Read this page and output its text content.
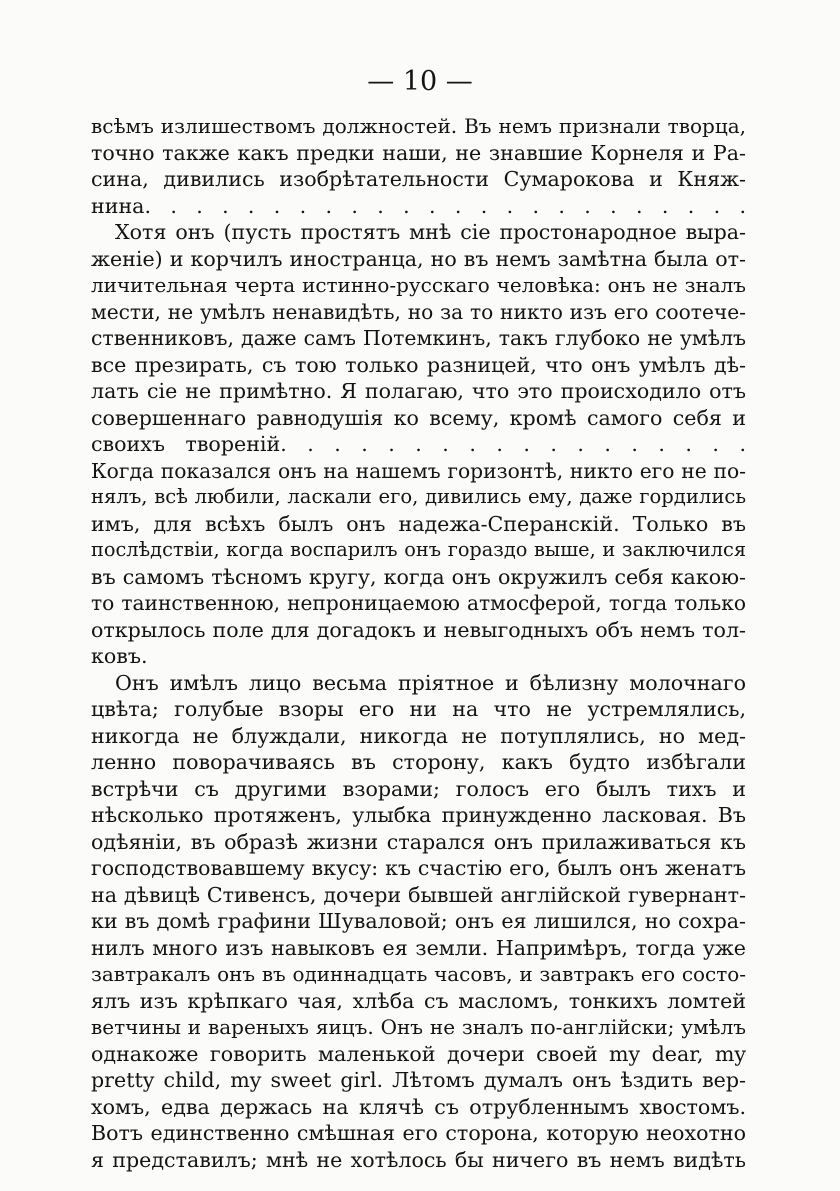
— 10 —
всѣмъ излишествомъ должностей. Въ немъ признали творца,
точно также какъ предки наши, не знавшие Корнеля и Ра-
сина, дивились изобрѣтательности Сумарокова и Княж-
нина. . . . . . . . . . . . . . . . . . . . . . . .
Хотя онъ (пусть простятъ мнѣ сіе простонародное выра-
женіе) и корчилъ иностранца, но въ немъ замѣтна была от-
личительная черта истинно-русскаго человѣка: онъ не зналъ
мести, не умѣлъ ненавидѣть, но за то никто изъ его соотече-
ственниковъ, даже самъ Потемкинъ, такъ глубоко не умѣлъ
все презирать, съ тою только разницей, что онъ умѣлъ дѣ-
лать сіе не примѣтно. Я полагаю, что это происходило отъ
совершеннаго равнодушія ко всему, кромѣ самого себя и
своихъ твореній. . . . . . . . . . . . . . . . . .
Когда показался онъ на нашемъ горизонтѣ, никто его не по-
нялъ, всѣ любили, ласкали его, дивились ему, даже гордились
имъ, для всѣхъ былъ онъ надежа-Сперанскій. Только въ
послѣдствіи, когда воспарилъ онъ гораздо выше, и заключился
въ самомъ тѣсномъ кругу, когда онъ окружилъ себя какою-
то таинственною, непроницаемою атмосферой, тогда только
открылось поле для догадокъ и невыгодныхъ объ немъ тол-
ковъ.
Онъ имѣлъ лицо весьма пріятное и бѣлизну молочнаго
цвѣта; голубые взоры его ни на что не устремлялись,
никогда не блуждали, никогда не потуплялись, но мед-
ленно поворачиваясь въ сторону, какъ будто избѣгали
встрѣчи съ другими взорами; голосъ его былъ тихъ и
нѣсколько протяженъ, улыбка принужденно ласковая. Въ
одѣяніи, въ образѣ жизни старался онъ прилаживаться къ
господствовавшему вкусу: къ счастію его, былъ онъ женатъ
на дѣвицѣ Стивенсъ, дочери бывшей англійской гувернант-
ки въ домѣ графини Шуваловой; онъ ея лишился, но сохра-
нилъ много изъ навыковъ ея земли. Напримѣръ, тогда уже
завтракалъ онъ въ одиннадцать часовъ, и завтракъ его состо-
ялъ изъ крѣпкаго чая, хлѣба съ масломъ, тонкихъ ломтей
ветчины и вареныхъ яицъ. Онъ не зналъ по-англійски; умѣлъ
однакоже говорить маленькой дочери своей my dear, my
pretty child, my sweet girl. Лѣтомъ думалъ онъ ѣздить вер-
хомъ, едва держась на клячѣ съ отрубленнымъ хвостомъ.
Вотъ единственно смѣшная его сторона, которую неохотно
я представилъ; мнѣ не хотѣлось бы ничего въ немъ видѣть
